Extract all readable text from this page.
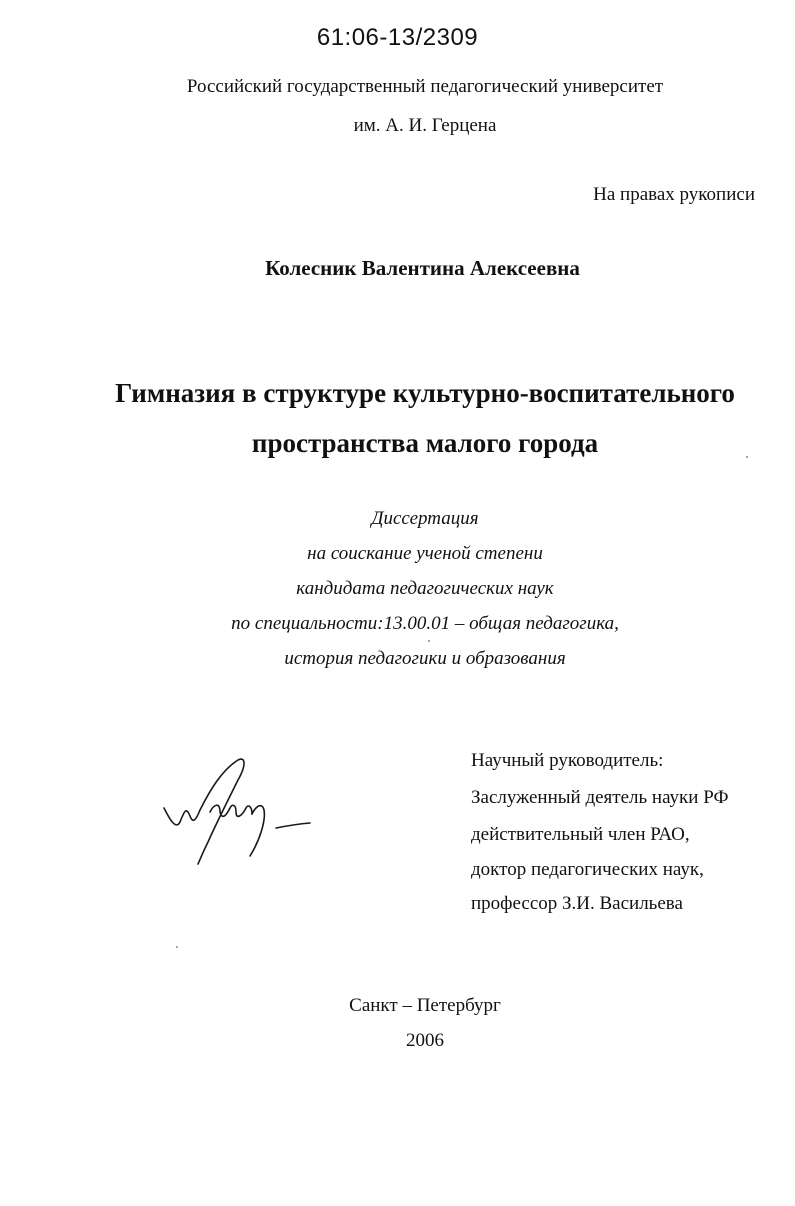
61:06-13/2309
Российский государственный педагогический университет
им. А. И. Герцена
На правах рукописи
Колесник Валентина Алексеевна
Гимназия в структуре культурно-воспитательного
пространства малого города
Диссертация
на соискание ученой степени
кандидата педагогических наук
по специальности:13.00.01 – общая педагогика,
история педагогики и образования
Научный руководитель:
Заслуженный деятель науки РФ
действительный член РАО,
доктор педагогических наук,
профессор З.И. Васильева
Санкт – Петербург
2006
